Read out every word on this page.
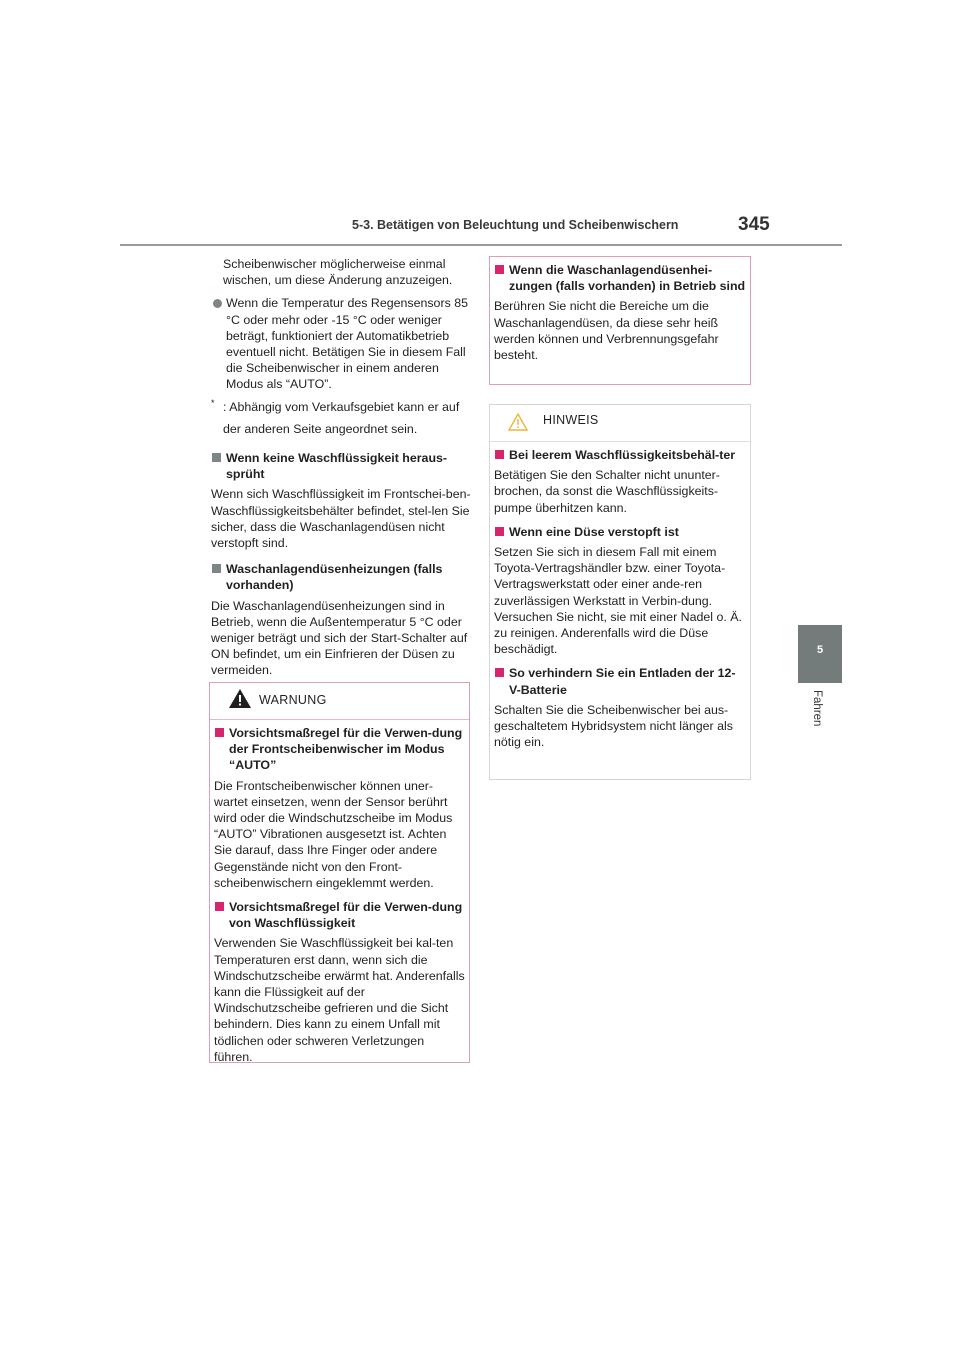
5-3. Betätigen von Beleuchtung und Scheibenwischern	345
5
Fahren

Scheibenwischer möglicherweise einmal wischen, um diese Änderung anzuzeigen.

Wenn die Temperatur des Regensensors 85 °C oder mehr oder -15 °C oder weniger beträgt, funktioniert der Automatikbetrieb eventuell nicht. Betätigen Sie in diesem Fall die Scheibenwischer in einem anderen Modus als “AUTO”.
* : Abhängig vom Verkaufsgebiet kann er auf
der anderen Seite angeordnet sein.
Wenn keine Waschflüssigkeit heraus-sprüht

Wenn sich Waschflüssigkeit im Frontschei-ben-Waschflüssigkeitsbehälter befindet, stel-len Sie sicher, dass die Waschanlagendüsen nicht verstopft sind.

Waschanlagendüsenheizungen (falls vorhanden)

Die Waschanlagendüsenheizungen sind in Betrieb, wenn die Außentemperatur 5 °C oder weniger beträgt und sich der Start-Schalter auf ON befindet, um ein Einfrieren der Düsen zu vermeiden.

WARNUNG
Vorsichtsmaßregel für die Verwen-dung der Frontscheibenwischer im Modus “AUTO”

Die Frontscheibenwischer können uner-wartet einsetzen, wenn der Sensor berührt wird oder die Windschutzscheibe im Modus “AUTO” Vibrationen ausgesetzt ist. Achten Sie darauf, dass Ihre Finger oder andere Gegenstände nicht von den Front-scheibenwischern eingeklemmt werden.

Vorsichtsmaßregel für die Verwen-dung von Waschflüssigkeit

Verwenden Sie Waschflüssigkeit bei kal-ten Temperaturen erst dann, wenn sich die Windschutzscheibe erwärmt hat. Anderenfalls kann die Flüssigkeit auf der Windschutzscheibe gefrieren und die Sicht behindern. Dies kann zu einem Unfall mit tödlichen oder schweren Verletzungen führen.

Wenn die Waschanlagendüsenhei-zungen (falls vorhanden) in Betrieb sind

Berühren Sie nicht die Bereiche um die Waschanlagendüsen, da diese sehr heiß werden können und Verbrennungsgefahr besteht.

HINWEIS
Bei leerem Waschflüssigkeitsbehäl-ter

Betätigen Sie den Schalter nicht ununter-brochen, da sonst die Waschflüssigkeits-pumpe überhitzen kann.

Wenn eine Düse verstopft ist

Setzen Sie sich in diesem Fall mit einem Toyota-Vertragshändler bzw. einer Toyota-Vertragswerkstatt oder einer ande-ren zuverlässigen Werkstatt in Verbin-dung.
Versuchen Sie nicht, sie mit einer Nadel o. Ä. zu reinigen. Anderenfalls wird die Düse beschädigt.

So verhindern Sie ein Entladen der 12-V-Batterie

Schalten Sie die Scheibenwischer bei aus-geschaltetem Hybridsystem nicht länger als nötig ein.
